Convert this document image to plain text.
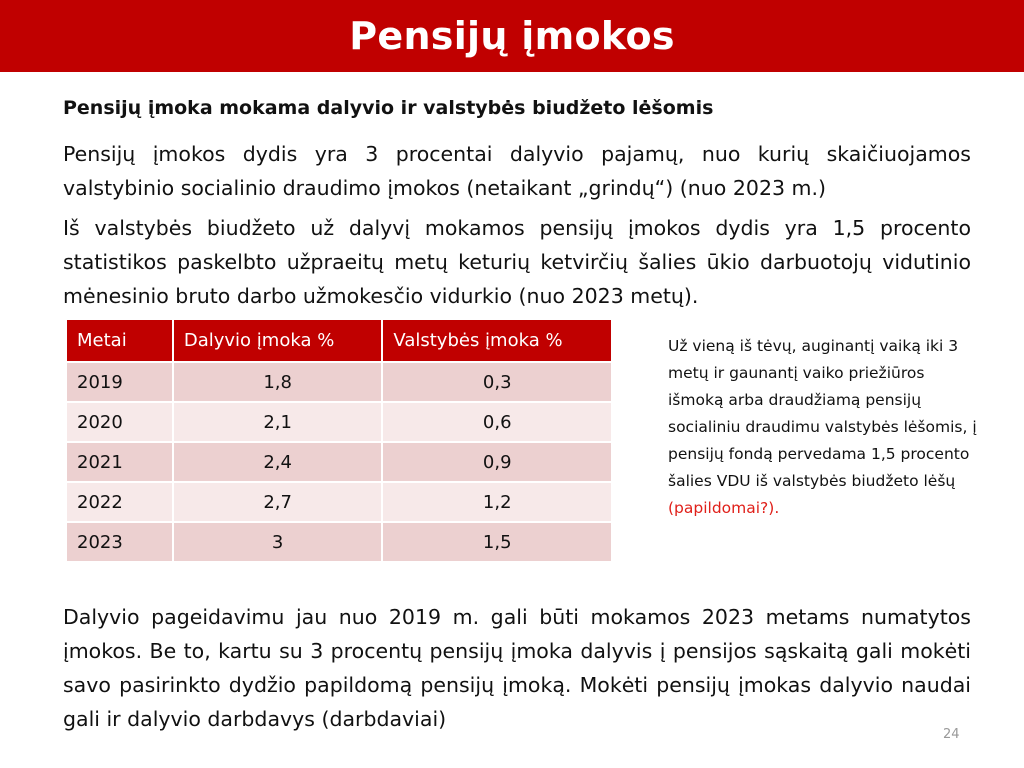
Pensijų įmokos

Pensijų įmoka mokama dalyvio ir valstybės biudžeto lėšomis

Pensijų įmokos dydis yra 3 procentai dalyvio pajamų, nuo kurių skaičiuojamos valstybinio socialinio draudimo įmokos (netaikant „grindų“) (nuo 2023 m.)

Iš valstybės biudžeto už dalyvį mokamos pensijų įmokos dydis yra 1,5 procento statistikos paskelbto užpraeitų metų keturių ketvirčių šalies ūkio darbuotojų vidutinio mėnesinio bruto darbo užmokesčio vidurkio (nuo 2023 metų).

Metai	Dalyvio įmoka %	Valstybės įmoka %
2019	1,8	0,3
2020	2,1	0,6
2021	2,4	0,9
2022	2,7	1,2
2023	3	1,5

Už vieną iš tėvų, auginantį vaiką iki 3 metų ir gaunantį vaiko priežiūros išmoką arba draudžiamą pensijų socialiniu draudimu valstybės lėšomis, į pensijų fondą pervedama 1,5 procento šalies VDU iš valstybės biudžeto lėšų (papildomai?).

Dalyvio pageidavimu jau nuo 2019 m. gali būti mokamos 2023 metams numatytos įmokos. Be to, kartu su 3 procentų pensijų įmoka dalyvis į pensijos sąskaitą gali mokėti savo pasirinkto dydžio papildomą pensijų įmoką. Mokėti pensijų įmokas dalyvio naudai gali ir dalyvio darbdavys (darbdaviai)

24
